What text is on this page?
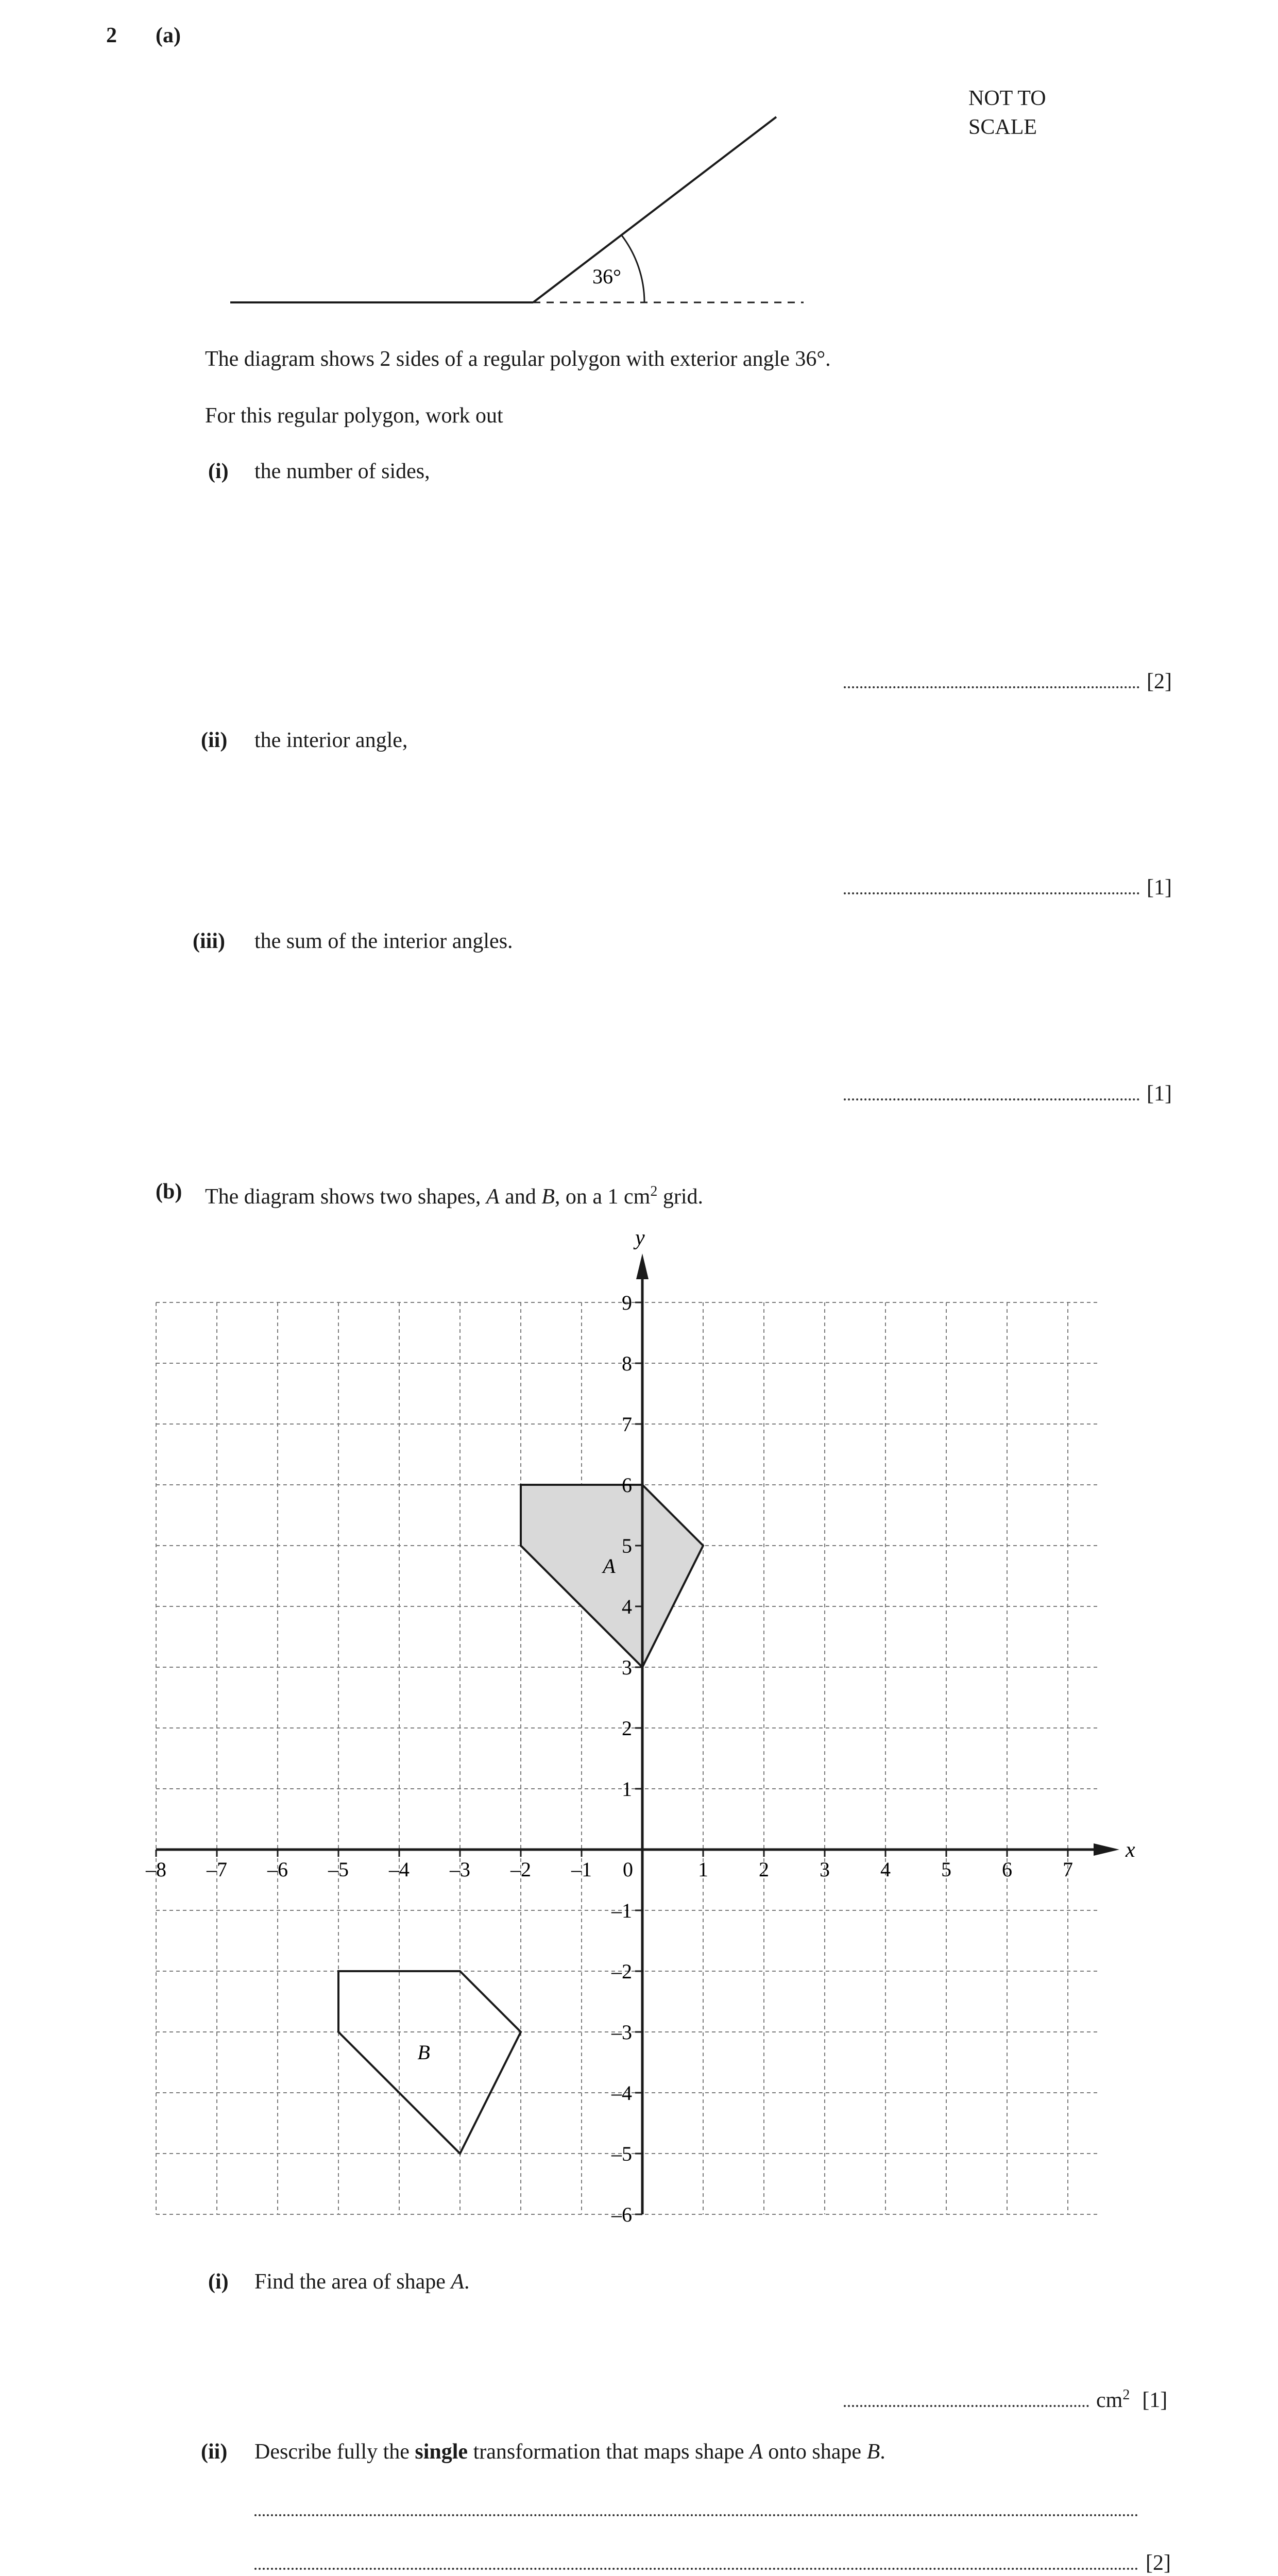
2 (a)
36°
NOT TO
SCALE
The diagram shows 2 sides of a regular polygon with exterior angle 36°.
For this regular polygon, work out
(i) the number of sides,
[2]
(ii) the interior angle,
[1]
(iii) the sum of the interior angles.
[1]
(b) The diagram shows two shapes, A and B, on a 1 $cm^2$ grid.
–8 –7 –6 –5 –4 –3 –2 –1 0	1 2 3 4 5 6 7
9
8
7
6
5
4
3
2
1
–1
–2
–3
–4
–5
–6
A
B
x
y
(i) Find the area of shape A.
$cm^2$ [1]
(ii) Describe fully the single transformation that maps shape A onto shape B.
[2]
